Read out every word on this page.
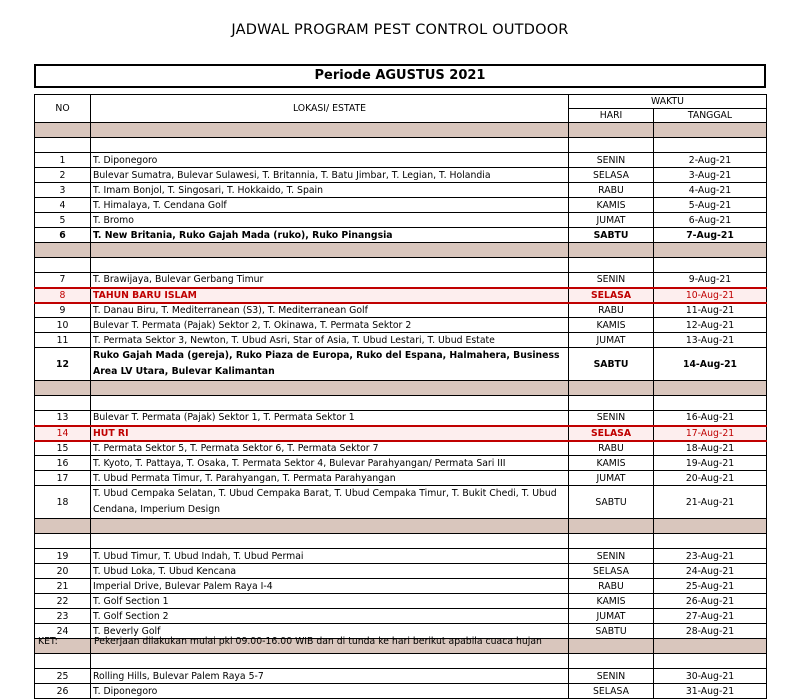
JADWAL PROGRAM PEST CONTROL OUTDOOR
Periode AGUSTUS 2021
NO	LOKASI/ ESTATE	WAKTU	
		HARI	TANGGAL

1	T. Diponegoro	SENIN	2-Aug-21
2	Bulevar Sumatra, Bulevar Sulawesi, T. Britannia, T. Batu Jimbar, T. Legian, T. Holandia	SELASA	3-Aug-21
3	T. Imam Bonjol, T. Singosari, T. Hokkaido, T. Spain	RABU	4-Aug-21
4	T. Himalaya, T. Cendana Golf	KAMIS	5-Aug-21
5	T. Bromo	JUMAT	6-Aug-21
6	T. New Britania, Ruko Gajah Mada (ruko), Ruko Pinangsia	SABTU	7-Aug-21

7	T. Brawijaya, Bulevar Gerbang Timur	SENIN	9-Aug-21
8	TAHUN BARU ISLAM	SELASA	10-Aug-21
9	T. Danau Biru, T. Mediterranean (S3), T. Mediterranean Golf	RABU	11-Aug-21
10	Bulevar T. Permata (Pajak) Sektor 2, T. Okinawa, T. Permata Sektor 2	KAMIS	12-Aug-21
11	T. Permata Sektor 3, Newton, T. Ubud Asri, Star of Asia, T. Ubud Lestari, T. Ubud Estate	JUMAT	13-Aug-21
12	Ruko Gajah Mada (gereja), Ruko Piaza de Europa, Ruko del Espana, Halmahera, Business Area LV Utara, Bulevar Kalimantan	SABTU	14-Aug-21

13	Bulevar T. Permata (Pajak) Sektor 1, T. Permata Sektor 1	SENIN	16-Aug-21
14	HUT RI	SELASA	17-Aug-21
15	T. Permata Sektor 5, T. Permata Sektor 6, T. Permata Sektor 7	RABU	18-Aug-21
16	T. Kyoto, T. Pattaya, T. Osaka, T. Permata Sektor 4, Bulevar Parahyangan/ Permata Sari III	KAMIS	19-Aug-21
17	T. Ubud Permata Timur, T. Parahyangan, T. Permata Parahyangan	JUMAT	20-Aug-21
18	T. Ubud Cempaka Selatan, T. Ubud Cempaka Barat, T. Ubud Cempaka Timur, T. Bukit Chedi, T. Ubud Cendana, Imperium Design	SABTU	21-Aug-21

19	T. Ubud Timur, T. Ubud Indah, T. Ubud Permai	SENIN	23-Aug-21
20	T. Ubud Loka, T. Ubud Kencana	SELASA	24-Aug-21
21	Imperial Drive, Bulevar Palem Raya I-4	RABU	25-Aug-21
22	T. Golf Section 1	KAMIS	26-Aug-21
23	T. Golf Section 2	JUMAT	27-Aug-21
24	T. Beverly Golf	SABTU	28-Aug-21

25	Rolling Hills, Bulevar Palem Raya 5-7	SENIN	30-Aug-21
26	T. Diponegoro	SELASA	31-Aug-21
KET:	Pekerjaan dilakukan mulai pkl 09.00-16.00 WIB dan di tunda ke hari berikut apabila cuaca hujan
